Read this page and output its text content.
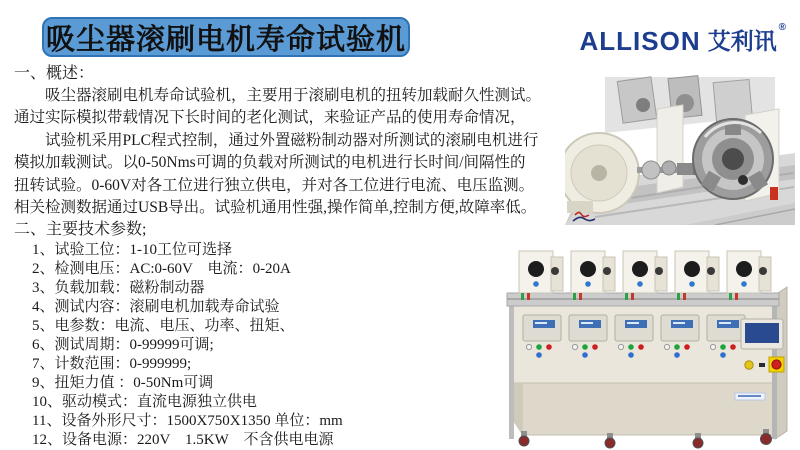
吸尘器滚刷电机寿命试验机	ALLISON 艾利讯
®
一、概述：
吸尘器滚刷电机寿命试验机，主要用于滚刷电机的扭转加载耐久性测试。
通过实际模拟带载情况下长时间的老化测试，来验证产品的使用寿命情况，
试验机采用PLC程式控制，通过外置磁粉制动器对所测试的滚刷电机进行
模拟加载测试。以0-50Nms可调的负载对所测试的电机进行长时间/间隔性的
扭转试验。0-60V对各工位进行独立供电，并对各工位进行电流、电压监测。
相关检测数据通过USB导出。试验机通用性强,操作简单,控制方便,故障率低。
二、主要技术参数;
1、试验工位：1-10工位可选择
2、检测电压：AC:0-60V　电流：0-20A
3、负载加载：磁粉制动器
4、测试内容：滚刷电机加载寿命试验
5、电参数：电流、电压、功率、扭矩、
6、测试周期：0-99999可调;
7、计数范围：0-999999;
9、扭矩力值 ：0-50Nm可调
10、驱动模式：直流电源独立供电
11、设备外形尺寸：1500X750X1350 单位：mm
12、设备电源：220V　1.5KW　不含供电电源
